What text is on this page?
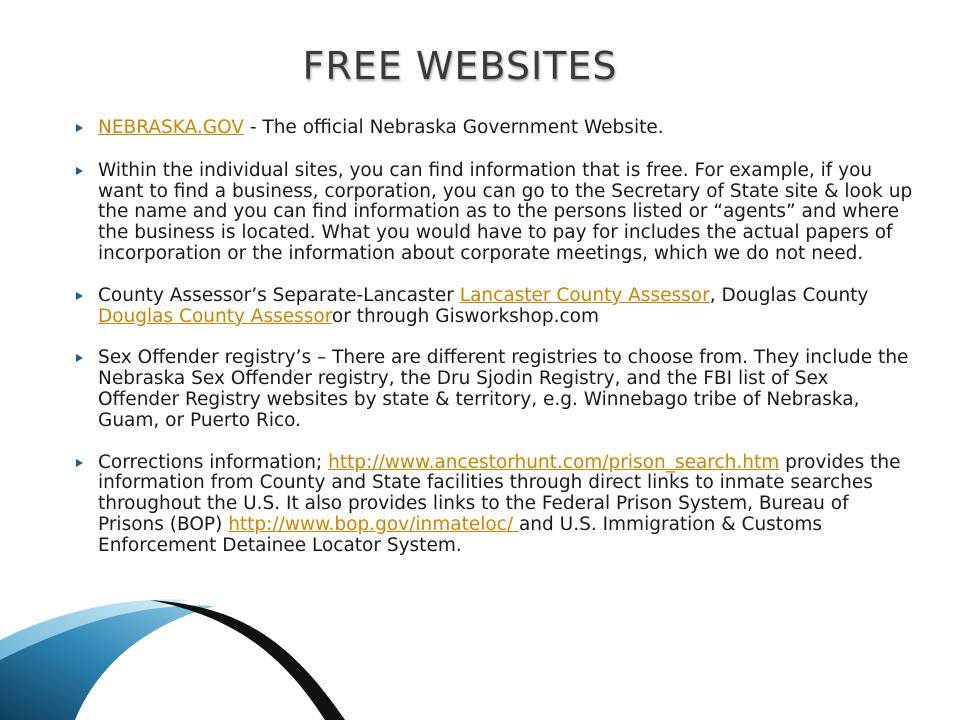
FREE WEBSITES
NEBRASKA.GOV - The official Nebraska Government Website.
Within the individual sites, you can find information that is free. For example, if you want to find a business, corporation, you can go to the Secretary of State site & look up the name and you can find information as to the persons listed or “agents” and where the business is located. What you would have to pay for includes the actual papers of incorporation or the information about corporate meetings, which we do not need.
County Assessor’s Separate-Lancaster Lancaster County Assessor, Douglas County Douglas County Assessoror through Gisworkshop.com
Sex Offender registry’s – There are different registries to choose from. They include the Nebraska Sex Offender registry, the Dru Sjodin Registry, and the FBI list of Sex Offender Registry websites by state & territory, e.g. Winnebago tribe of Nebraska, Guam, or Puerto Rico.
Corrections information; http://www.ancestorhunt.com/prison_search.htm provides the information from County and State facilities through direct links to inmate searches throughout the U.S. It also provides links to the Federal Prison System, Bureau of Prisons (BOP) http://www.bop.gov/inmateloc/ and U.S. Immigration & Customs Enforcement Detainee Locator System.
